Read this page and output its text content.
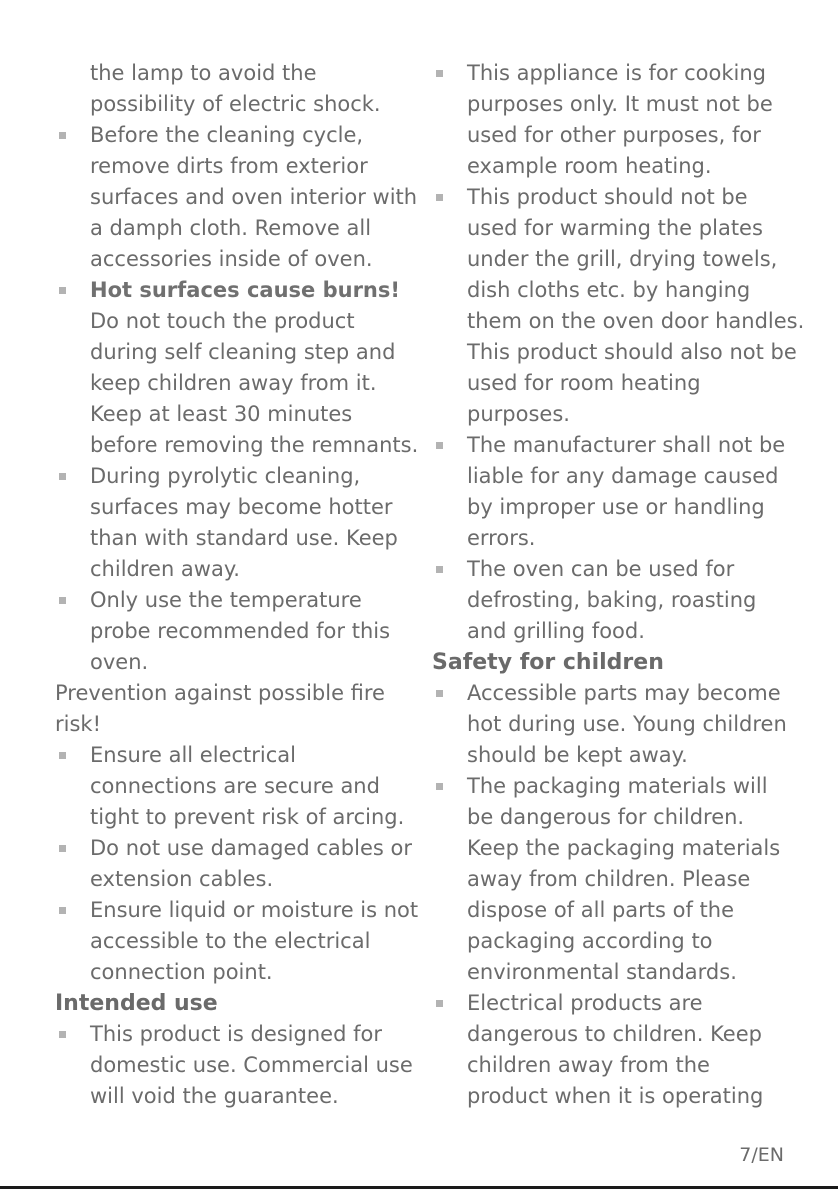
the lamp to avoid the
possibility of electric shock.
Before the cleaning cycle,
remove dirts from exterior
surfaces and oven interior with
a damph cloth. Remove all
accessories inside of oven.
Hot surfaces cause burns!
Do not touch the product
during self cleaning step and
keep children away from it.
Keep at least 30 minutes
before removing the remnants.
During pyrolytic cleaning,
surfaces may become hotter
than with standard use. Keep
children away.
Only use the temperature
probe recommended for this
oven.
Prevention against possible fire
risk!
Ensure all electrical
connections are secure and
tight to prevent risk of arcing.
Do not use damaged cables or
extension cables.
Ensure liquid or moisture is not
accessible to the electrical
connection point.
Intended use
This product is designed for
domestic use. Commercial use
will void the guarantee.
This appliance is for cooking
purposes only. It must not be
used for other purposes, for
example room heating.
This product should not be
used for warming the plates
under the grill, drying towels,
dish cloths etc. by hanging
them on the oven door handles.
This product should also not be
used for room heating
purposes.
The manufacturer shall not be
liable for any damage caused
by improper use or handling
errors.
The oven can be used for
defrosting, baking, roasting
and grilling food.
Safety for children
Accessible parts may become
hot during use. Young children
should be kept away.
The packaging materials will
be dangerous for children.
Keep the packaging materials
away from children. Please
dispose of all parts of the
packaging according to
environmental standards.
Electrical products are
dangerous to children. Keep
children away from the
product when it is operating
7/EN
